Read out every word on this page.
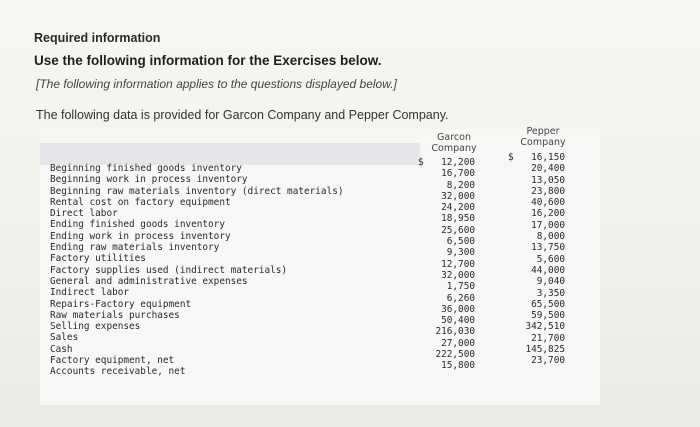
Required information
Use the following information for the Exercises below.
[The following information applies to the questions displayed below.]
The following data is provided for Garcon Company and Pepper Company.
Garcon
Company
Pepper
Company
Beginning finished goods inventory
Beginning work in process inventory
Beginning raw materials inventory (direct materials)
Rental cost on factory equipment
Direct labor
Ending finished goods inventory
Ending work in process inventory
Ending raw materials inventory
Factory utilities
Factory supplies used (indirect materials)
General and administrative expenses
Indirect labor
Repairs-Factory equipment
Raw materials purchases
Selling expenses
Sales
Cash
Factory equipment, net
Accounts receivable, net
$ 12,200
16,700
8,200
32,000
24,200
18,950
25,600
6,500
9,300
12,700
32,000
1,750
6,260
36,000
50,400
216,030
27,000
222,500
15,800
$ 16,150
20,400
13,050
23,800
40,600
16,200
17,000
8,000
13,750
5,600
44,000
9,040
3,350
65,500
59,500
342,510
21,700
145,825
23,700
